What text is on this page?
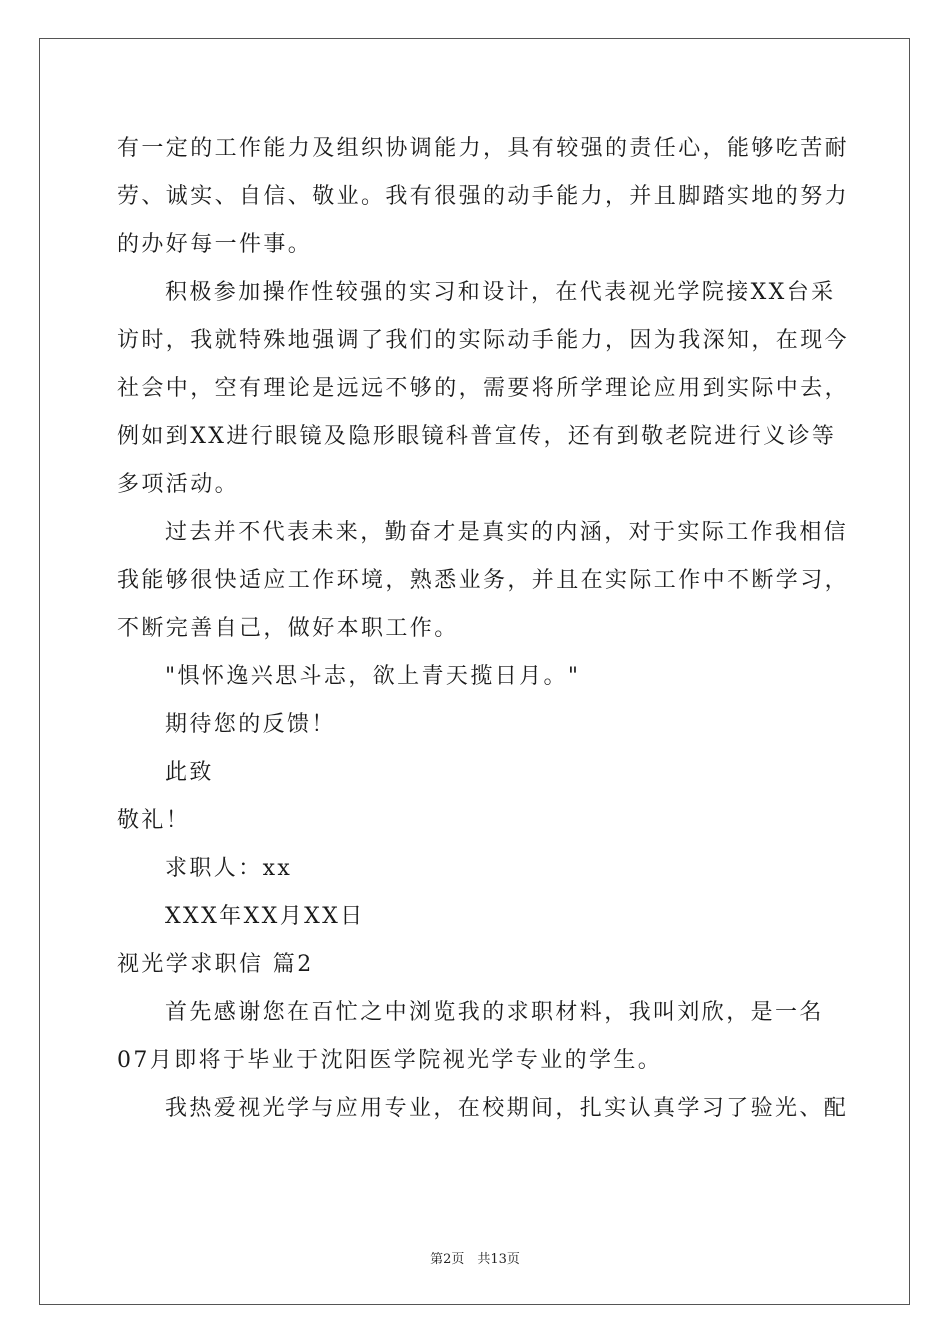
有一定的工作能力及组织协调能力，具有较强的责任心，能够吃苦耐
劳、诚实、自信、敬业。我有很强的动手能力，并且脚踏实地的努力
的办好每一件事。
积极参加操作性较强的实习和设计，在代表视光学院接XX台采
访时，我就特殊地强调了我们的实际动手能力，因为我深知，在现今
社会中，空有理论是远远不够的，需要将所学理论应用到实际中去，
例如到XX进行眼镜及隐形眼镜科普宣传，还有到敬老院进行义诊等
多项活动。
过去并不代表未来，勤奋才是真实的内涵，对于实际工作我相信
我能够很快适应工作环境，熟悉业务，并且在实际工作中不断学习，
不断完善自己，做好本职工作。
"惧怀逸兴思斗志，欲上青天揽日月。"
期待您的反馈！
此致
敬礼！
求职人：xx
XXX年XX月XX日
视光学求职信 篇2
首先感谢您在百忙之中浏览我的求职材料，我叫刘欣，是一名
07月即将于毕业于沈阳医学院视光学专业的学生。
我热爱视光学与应用专业，在校期间，扎实认真学习了验光、配
第2页　共13页
